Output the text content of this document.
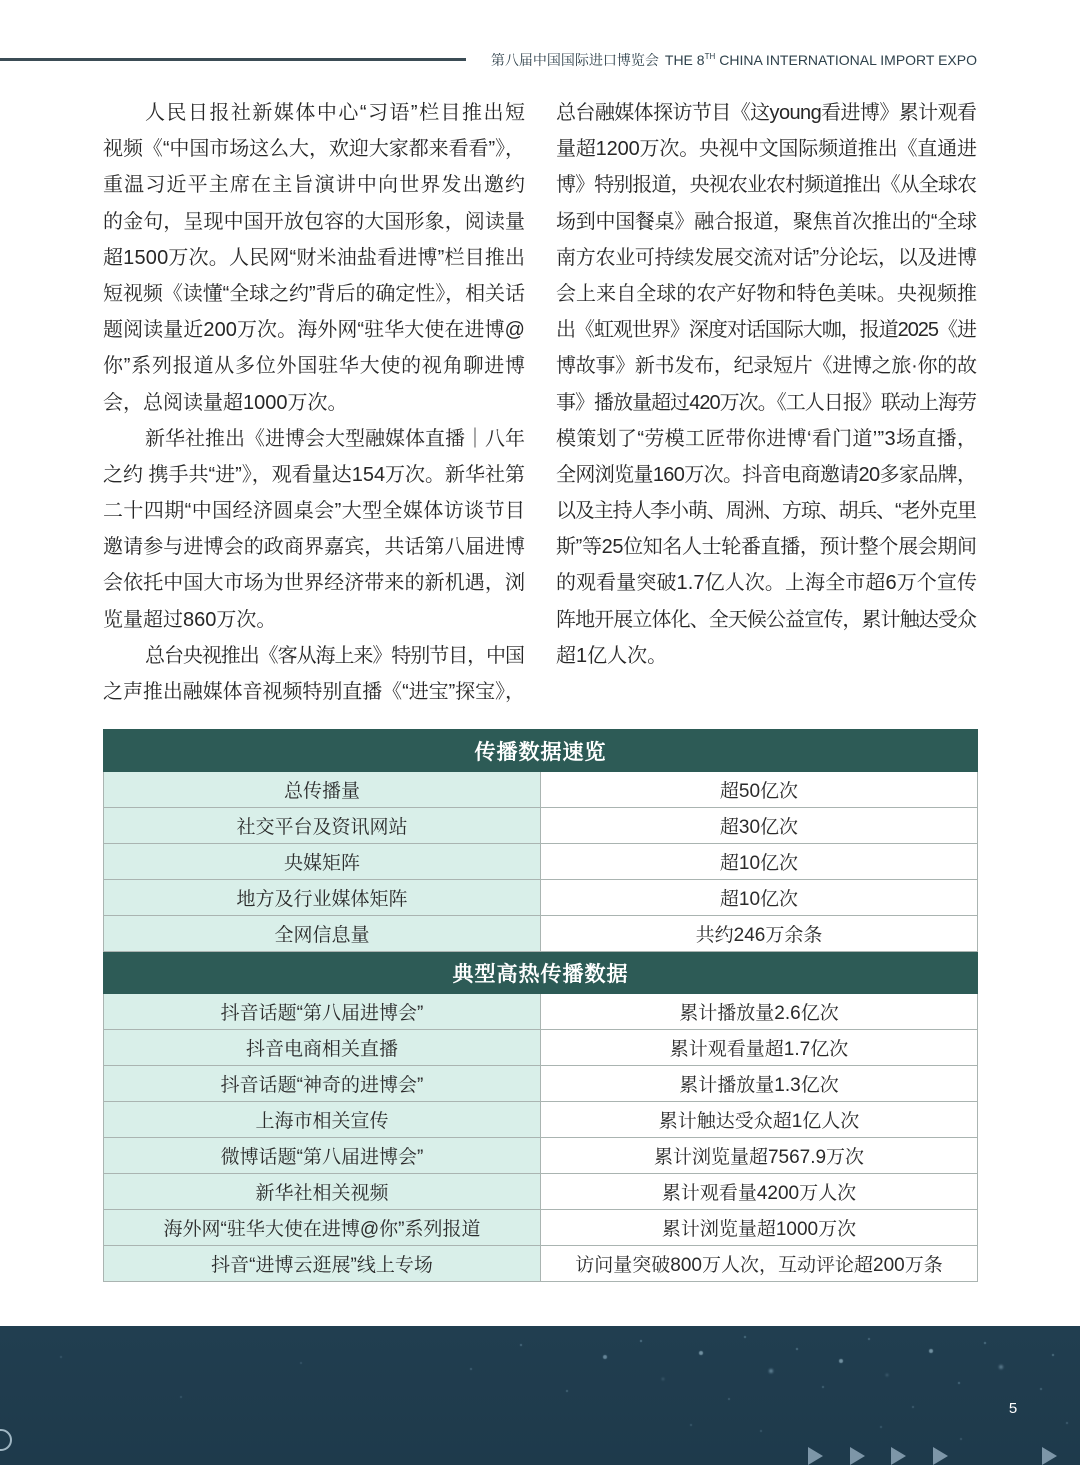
第八届中国国际进口博览会 THE 8TH CHINA INTERNATIONAL IMPORT EXPO
人民日报社新媒体中心“习语”栏目推出短
视频《“中国市场这么大，欢迎大家都来看看”》，
重温习近平主席在主旨演讲中向世界发出邀约
的金句，呈现中国开放包容的大国形象，阅读量
超1500万次。人民网“财米油盐看进博”栏目推出
短视频《读懂“全球之约”背后的确定性》，相关话
题阅读量近200万次。海外网“驻华大使在进博@
你”系列报道从多位外国驻华大使的视角聊进博
会，总阅读量超1000万次。
新华社推出《进博会大型融媒体直播｜八年
之约 携手共“进”》，观看量达154万次。新华社第
二十四期“中国经济圆桌会”大型全媒体访谈节目
邀请参与进博会的政商界嘉宾，共话第八届进博
会依托中国大市场为世界经济带来的新机遇，浏
览量超过860万次。
总台央视推出《客从海上来》特别节目，中国
之声推出融媒体音视频特别直播《“进宝”探宝》，
总台融媒体探访节目《这young看进博》累计观看
量超1200万次。央视中文国际频道推出《直通进
博》特别报道，央视农业农村频道推出《从全球农
场到中国餐桌》融合报道，聚焦首次推出的“全球
南方农业可持续发展交流对话”分论坛，以及进博
会上来自全球的农产好物和特色美味。央视频推
出《虹观世界》深度对话国际大咖，报道2025《进
博故事》新书发布，纪录短片《进博之旅·你的故
事》播放量超过420万次。《工人日报》联动上海劳
模策划了“劳模工匠带你进博‘看门道’”3场直播，
全网浏览量160万次。抖音电商邀请20多家品牌，
以及主持人李小萌、周洲、方琼、胡兵、“老外克里
斯”等25位知名人士轮番直播，预计整个展会期间
的观看量突破1.7亿人次。上海全市超6万个宣传
阵地开展立体化、全天候公益宣传，累计触达受众
超1亿人次。
传播数据速览	
总传播量	超50亿次
社交平台及资讯网站	超30亿次
央媒矩阵	超10亿次
地方及行业媒体矩阵	超10亿次
全网信息量	共约246万余条
典型高热传播数据	
抖音话题“第八届进博会”	累计播放量2.6亿次
抖音电商相关直播	累计观看量超1.7亿次
抖音话题“神奇的进博会”	累计播放量1.3亿次
上海市相关宣传	累计触达受众超1亿人次
微博话题“第八届进博会”	累计浏览量超7567.9万次
新华社相关视频	累计观看量4200万人次
海外网“驻华大使在进博@你”系列报道	累计浏览量超1000万次
抖音“进博云逛展”线上专场	访问量突破800万人次，互动评论超200万条
5
